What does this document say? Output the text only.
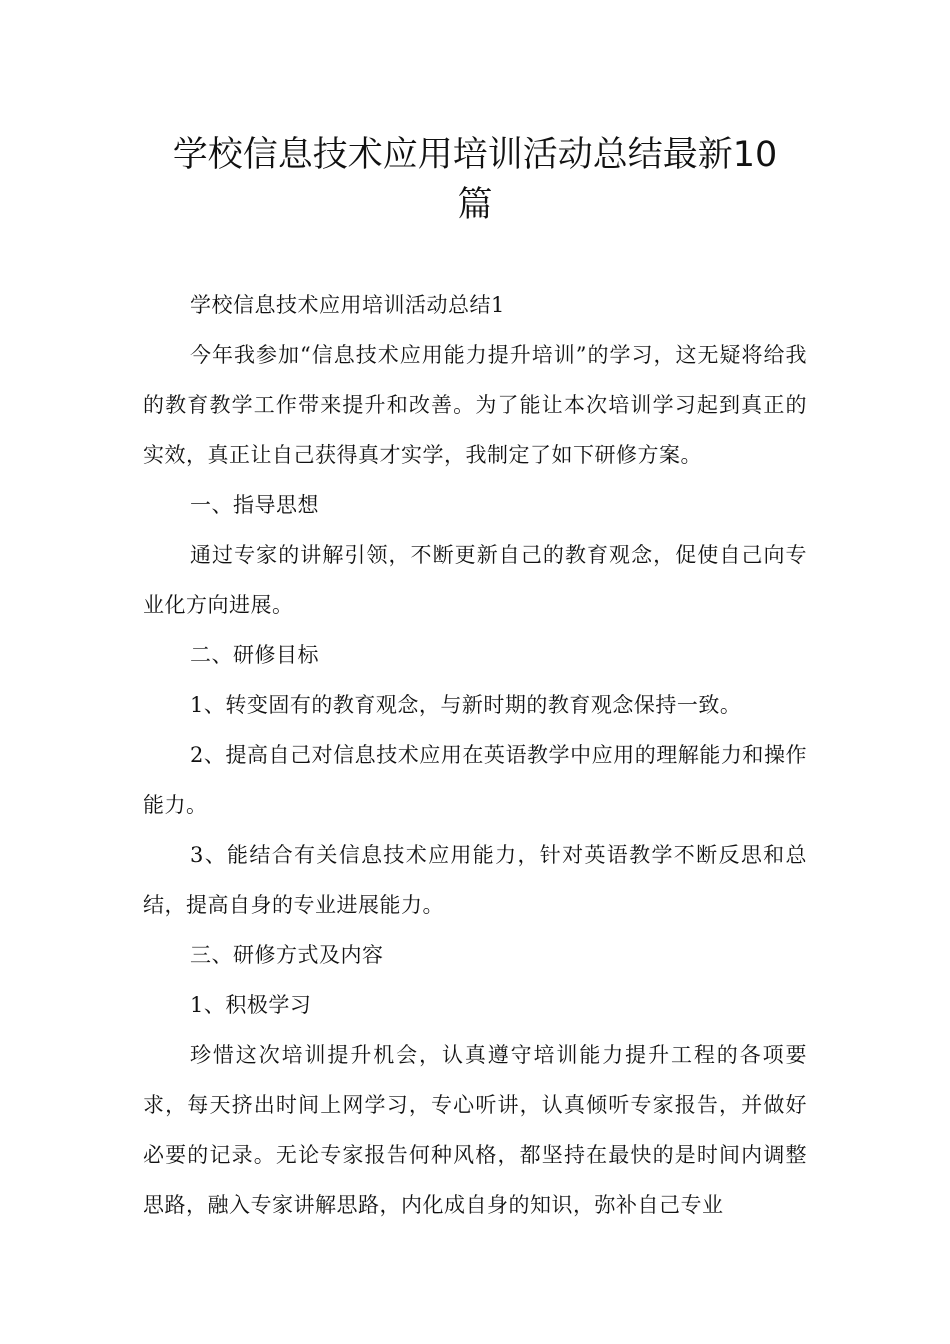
学校信息技术应用培训活动总结最新10
篇

学校信息技术应用培训活动总结1

今年我参加“信息技术应用能力提升培训”的学习，这无疑将给我的教育教学工作带来提升和改善。为了能让本次培训学习起到真正的实效，真正让自己获得真才实学，我制定了如下研修方案。

一、指导思想

通过专家的讲解引领，不断更新自己的教育观念，促使自己向专业化方向进展。

二、研修目标

1、转变固有的教育观念，与新时期的教育观念保持一致。

2、提高自己对信息技术应用在英语教学中应用的理解能力和操作能力。

3、能结合有关信息技术应用能力，针对英语教学不断反思和总结，提高自身的专业进展能力。

三、研修方式及内容

1、积极学习

珍惜这次培训提升机会，认真遵守培训能力提升工程的各项要求，每天挤出时间上网学习，专心听讲，认真倾听专家报告，并做好必要的记录。无论专家报告何种风格，都坚持在最快的是时间内调整思路，融入专家讲解思路，内化成自身的知识，弥补自己专业
